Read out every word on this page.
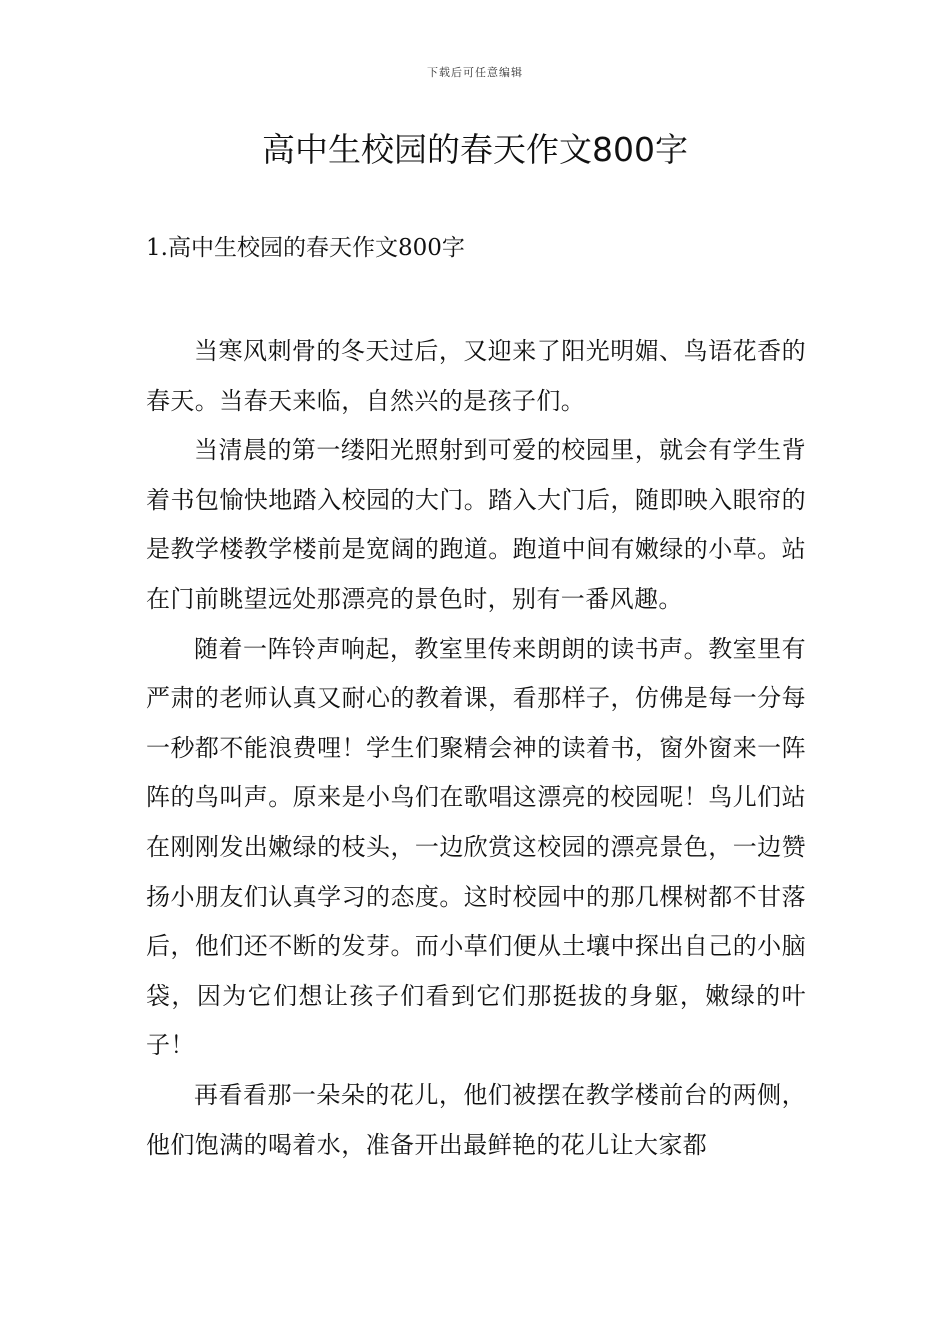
下载后可任意编辑
高中生校园的春天作文800字
1.高中生校园的春天作文800字

当寒风刺骨的冬天过后，又迎来了阳光明媚、鸟语花香的春天。当春天来临，自然兴的是孩子们。

当清晨的第一缕阳光照射到可爱的校园里，就会有学生背着书包愉快地踏入校园的大门。踏入大门后，随即映入眼帘的是教学楼教学楼前是宽阔的跑道。跑道中间有嫩绿的小草。站在门前眺望远处那漂亮的景色时，别有一番风趣。

随着一阵铃声响起，教室里传来朗朗的读书声。教室里有严肃的老师认真又耐心的教着课，看那样子，仿佛是每一分每一秒都不能浪费哩！学生们聚精会神的读着书，窗外窗来一阵阵的鸟叫声。原来是小鸟们在歌唱这漂亮的校园呢！鸟儿们站在刚刚发出嫩绿的枝头，一边欣赏这校园的漂亮景色，一边赞扬小朋友们认真学习的态度。这时校园中的那几棵树都不甘落后，他们还不断的发芽。而小草们便从土壤中探出自己的小脑袋，因为它们想让孩子们看到它们那挺拔的身躯，嫩绿的叶子！

再看看那一朵朵的花儿，他们被摆在教学楼前台的两侧，他们饱满的喝着水，准备开出最鲜艳的花儿让大家都
